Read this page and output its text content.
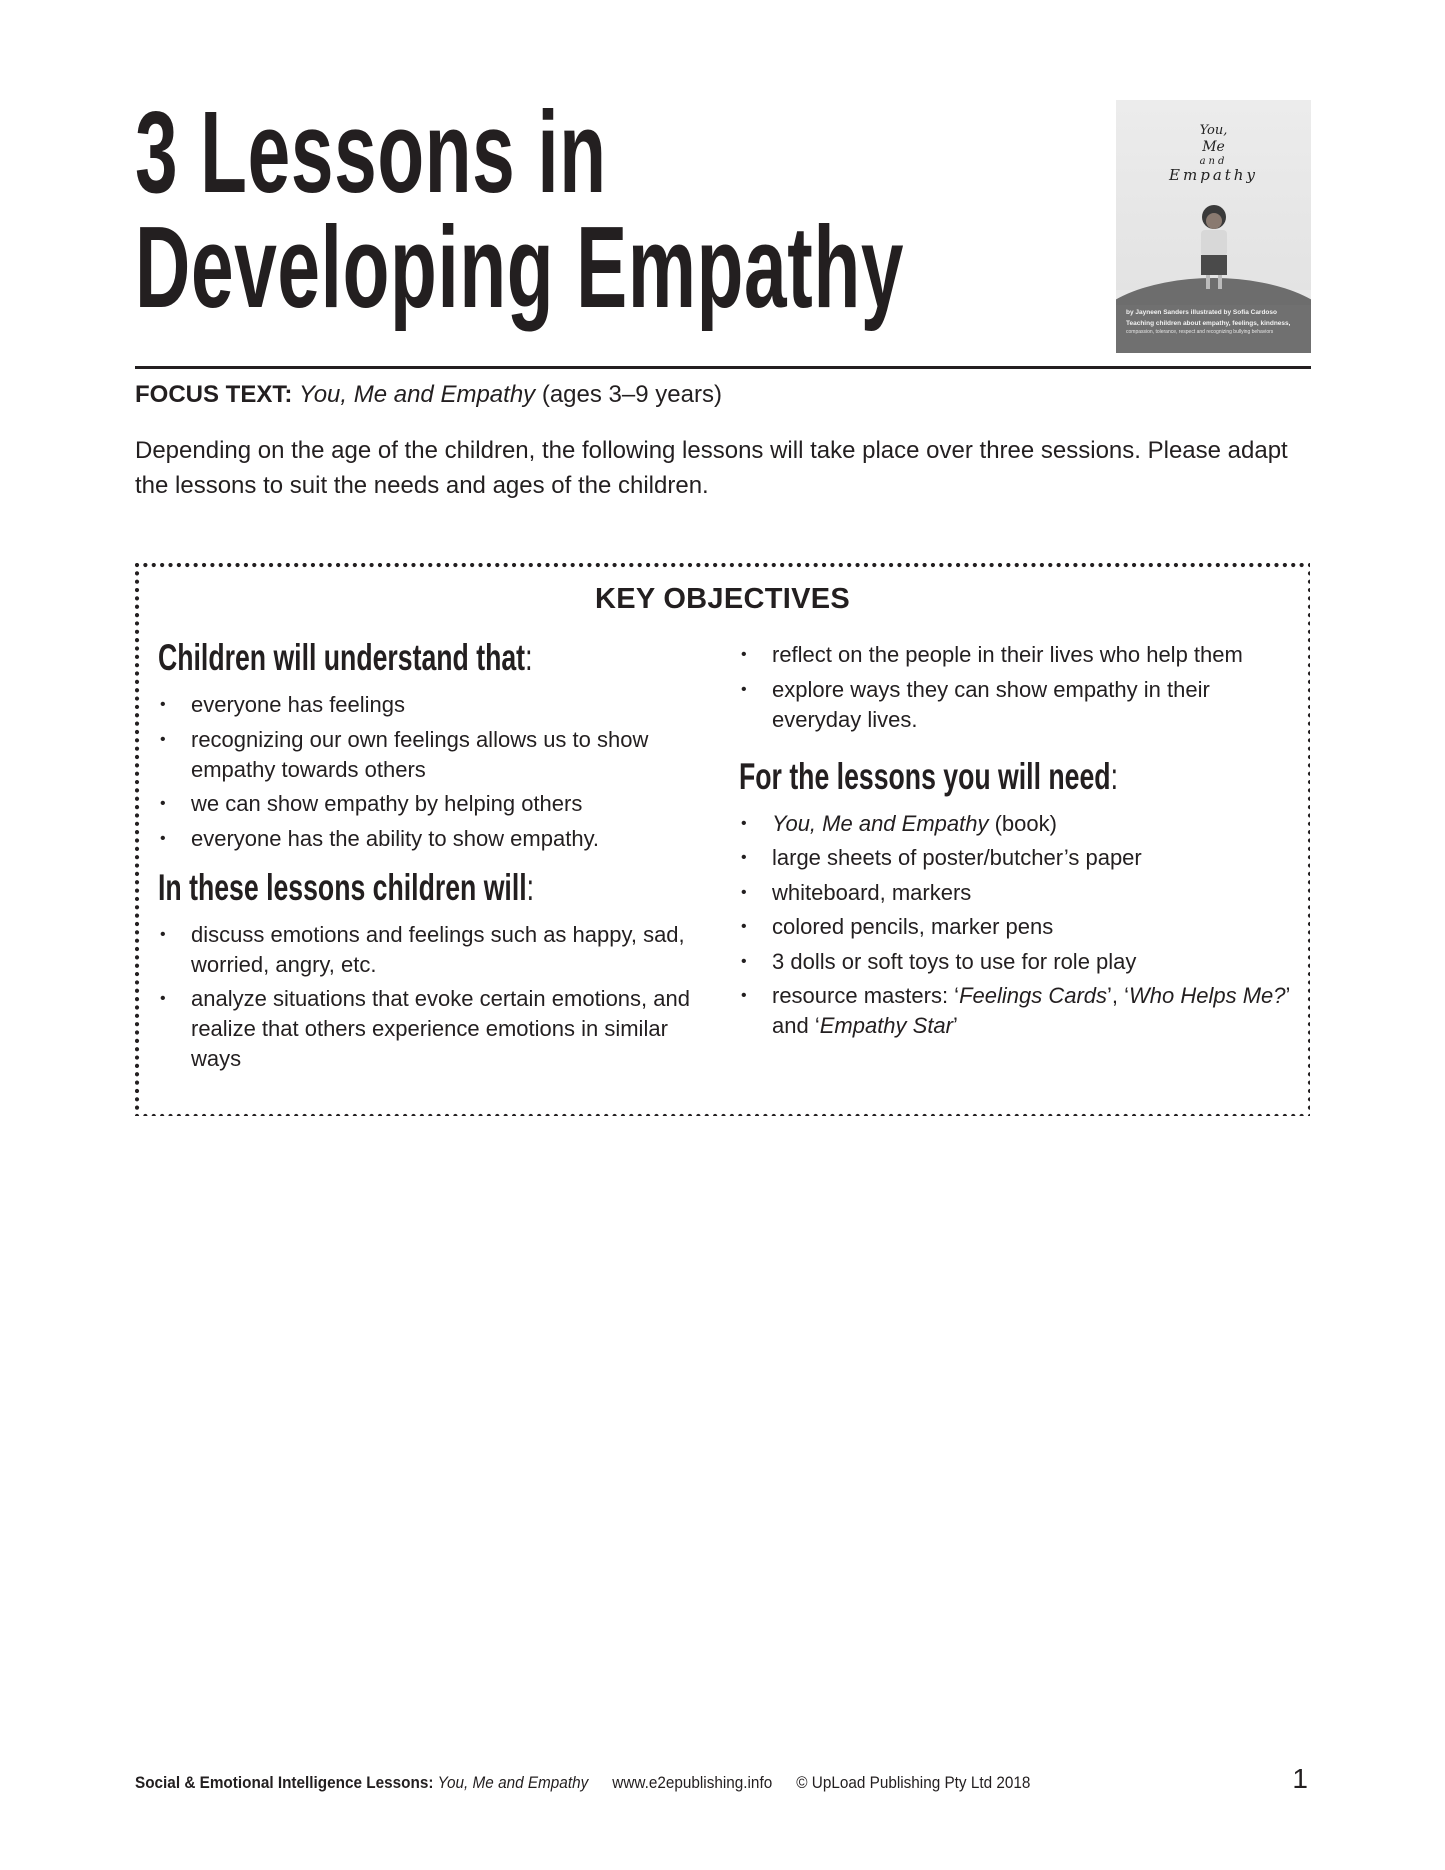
3 Lessons in
Developing Empathy
You,
Me
and
Empathy
by Jayneen Sanders illustrated by Sofia Cardoso
Teaching children about empathy, feelings, kindness,
compassion, tolerance, respect and recognizing bullying behaviors
FOCUS TEXT: You, Me and Empathy (ages 3–9 years)
Depending on the age of the children, the following lessons will take place over three sessions. Please adapt the lessons to suit the needs and ages of the children.
KEY OBJECTIVES
Children will understand that:
• everyone has feelings
• recognizing our own feelings allows us to show empathy towards others
• we can show empathy by helping others
• everyone has the ability to show empathy.
In these lessons children will:
• discuss emotions and feelings such as happy, sad, worried, angry, etc.
• analyze situations that evoke certain emotions, and realize that others experience emotions in similar ways
• reflect on the people in their lives who help them
• explore ways they can show empathy in their everyday lives.
For the lessons you will need:
• You, Me and Empathy (book)
• large sheets of poster/butcher’s paper
• whiteboard, markers
• colored pencils, marker pens
• 3 dolls or soft toys to use for role play
• resource masters: ‘Feelings Cards’, ‘Who Helps Me?’ and ‘Empathy Star’
Social & Emotional Intelligence Lessons: You, Me and Empathy www.e2epublishing.info © UpLoad Publishing Pty Ltd 2018	1
